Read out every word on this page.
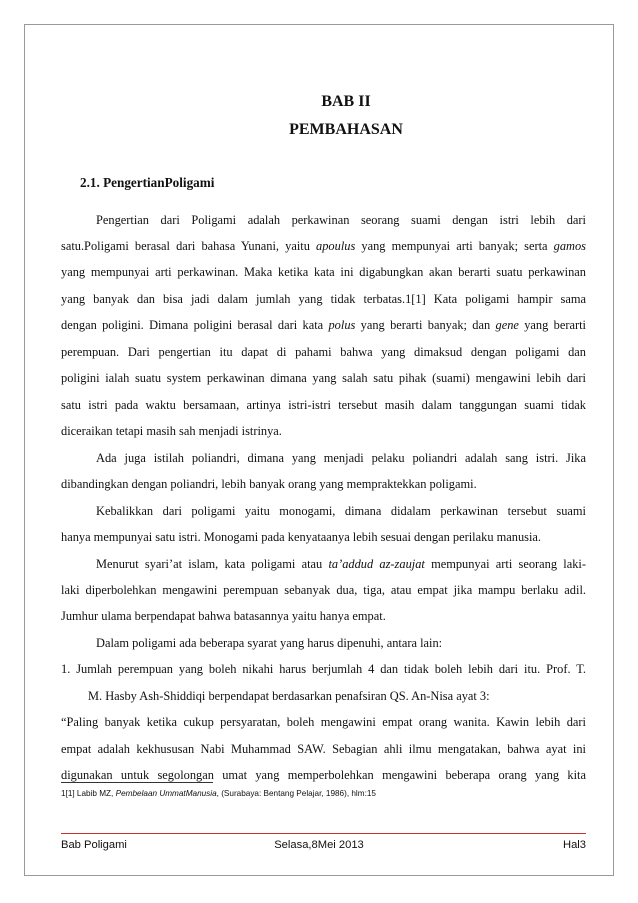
BAB II
PEMBAHASAN
2.1. PengertianPoligami
Pengertian dari Poligami adalah perkawinan seorang suami dengan istri lebih dari
satu.Poligami berasal dari bahasa Yunani, yaitu apoulus yang mempunyai arti banyak; serta gamos
yang mempunyai arti perkawinan. Maka ketika kata ini digabungkan akan berarti suatu perkawinan
yang banyak dan bisa jadi dalam jumlah yang tidak terbatas.1[1] Kata poligami hampir sama
dengan poligini. Dimana poligini berasal dari kata polus yang berarti banyak; dan gene yang berarti
perempuan. Dari pengertian itu dapat di pahami bahwa yang dimaksud dengan poligami dan
poligini ialah suatu system perkawinan dimana yang salah satu pihak (suami) mengawini lebih dari
satu istri pada waktu bersamaan, artinya istri-istri tersebut masih dalam tanggungan suami tidak
diceraikan tetapi masih sah menjadi istrinya.
Ada juga istilah poliandri, dimana yang menjadi pelaku poliandri adalah sang istri. Jika
dibandingkan dengan poliandri, lebih banyak orang yang mempraktekkan poligami.
Kebalikkan dari poligami yaitu monogami, dimana didalam perkawinan tersebut suami
hanya mempunyai satu istri. Monogami pada kenyataanya lebih sesuai dengan perilaku manusia.
Menurut syari’at islam, kata poligami atau ta’addud az-zaujat mempunyai arti seorang laki-
laki diperbolehkan mengawini perempuan sebanyak dua, tiga, atau empat jika mampu berlaku adil.
Jumhur ulama berpendapat bahwa batasannya yaitu hanya empat.
Dalam poligami ada beberapa syarat yang harus dipenuhi, antara lain:
1. Jumlah perempuan yang boleh nikahi harus berjumlah 4 dan tidak boleh lebih dari itu. Prof. T.
M. Hasby Ash-Shiddiqi berpendapat berdasarkan penafsiran QS. An-Nisa ayat 3:
“Paling banyak ketika cukup persyaratan, boleh mengawini empat orang wanita. Kawin lebih dari
empat adalah kekhususan Nabi Muhammad SAW. Sebagian ahli ilmu mengatakan, bahwa ayat ini
digunakan untuk segolongan umat yang memperbolehkan mengawini beberapa orang yang kita
1[1] Labib MZ, Pembelaan UmmatManusia, (Surabaya: Bentang Pelajar, 1986), hlm:15
Bab Poligami	Selasa,8Mei 2013	Hal3
